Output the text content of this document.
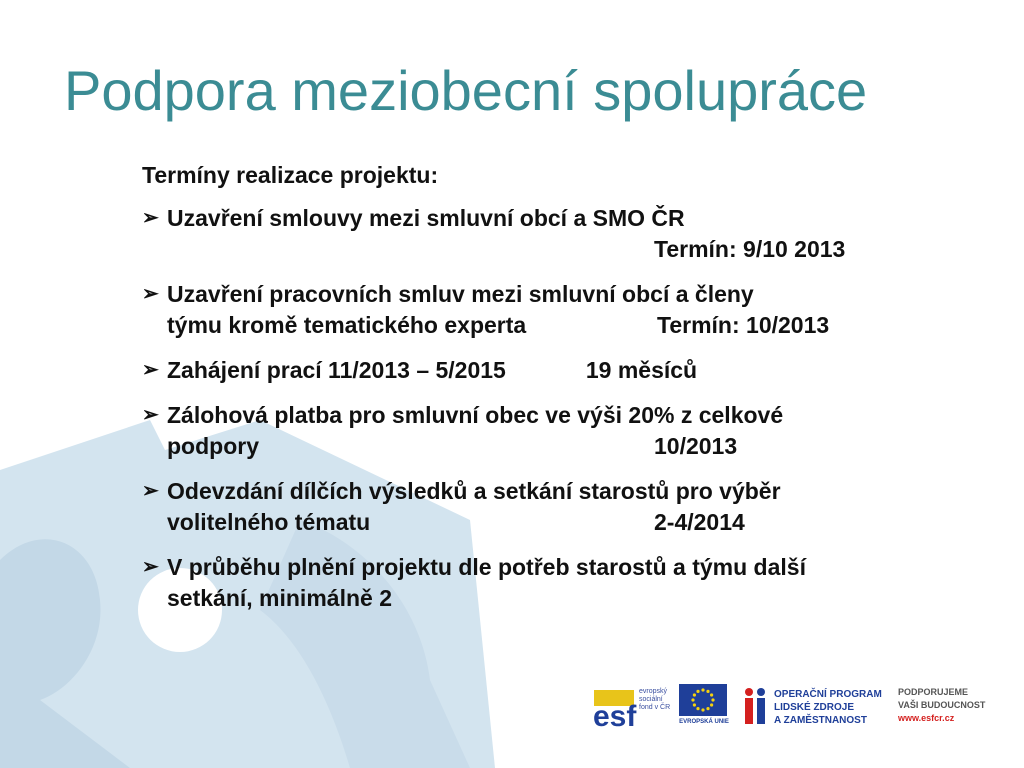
Podpora meziobecní spolupráce
Termíny realizace projektu:
➢ Uzavření smlouvy mezi smluvní obcí a SMO ČR
Termín: 9/10 2013
➢ Uzavření pracovních smluv mezi smluvní obcí a členy
týmu kromě tematického experta	Termín: 10/2013
➢ Zahájení prací 11/2013 – 5/2015	19 měsíců
➢ Zálohová platba pro smluvní obec ve výši 20% z celkové
podpory	10/2013
➢ Odevzdání dílčích výsledků a setkání starostů pro výběr
volitelného tématu	2-4/2014
➢ V průběhu plnění projektu dle potřeb starostů a týmu další
setkání, minimálně 2
esf
evropský
sociální
fond v ČR
EVROPSKÁ UNIE
OPERAČNÍ PROGRAM
LIDSKÉ ZDROJE
A ZAMĚSTNANOST
PODPORUJEME
VAŠI BUDOUCNOST
www.esfcr.cz
